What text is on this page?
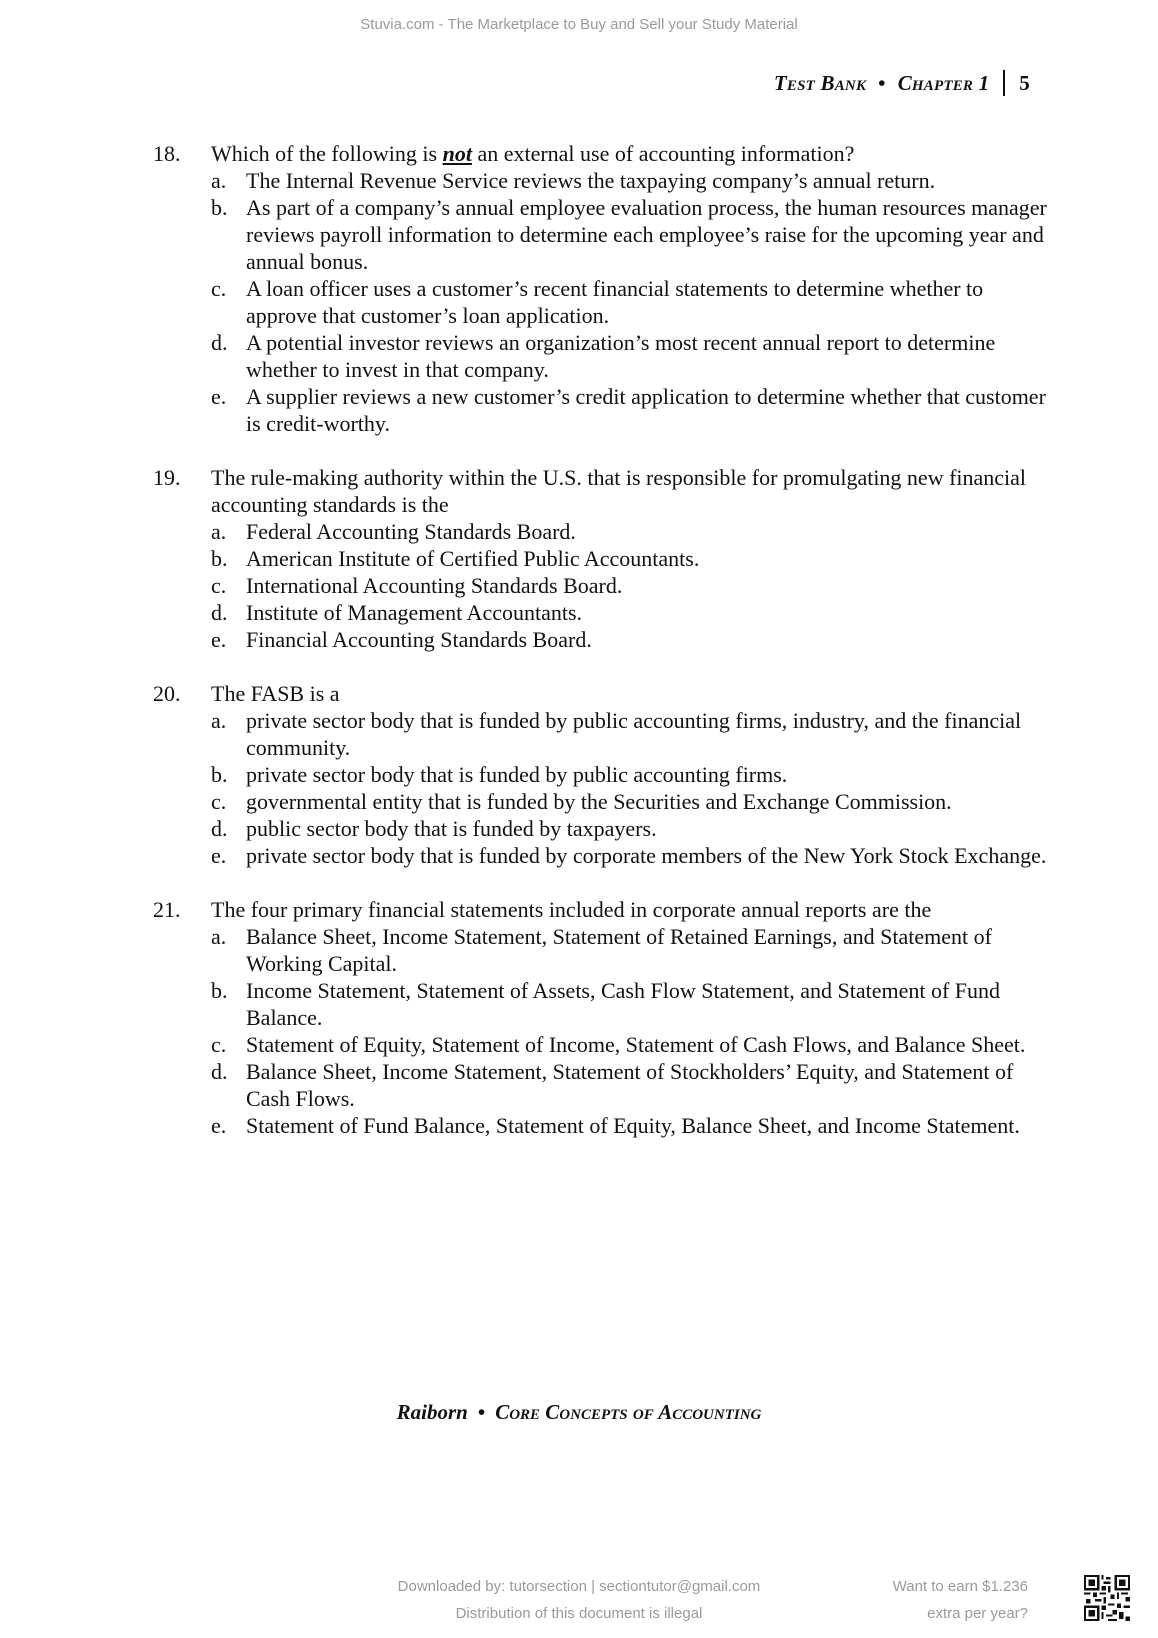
Stuvia.com - The Marketplace to Buy and Sell your Study Material
Test Bank • Chapter 1 5
18. Which of the following is not an external use of accounting information?
a. The Internal Revenue Service reviews the taxpaying company’s annual return.
b. As part of a company’s annual employee evaluation process, the human resources manager reviews payroll information to determine each employee’s raise for the upcoming year and annual bonus.
c. A loan officer uses a customer’s recent financial statements to determine whether to approve that customer’s loan application.
d. A potential investor reviews an organization’s most recent annual report to determine whether to invest in that company.
e. A supplier reviews a new customer’s credit application to determine whether that customer is credit-worthy.
19. The rule-making authority within the U.S. that is responsible for promulgating new financial accounting standards is the
a. Federal Accounting Standards Board.
b. American Institute of Certified Public Accountants.
c. International Accounting Standards Board.
d. Institute of Management Accountants.
e. Financial Accounting Standards Board.
20. The FASB is a
a. private sector body that is funded by public accounting firms, industry, and the financial community.
b. private sector body that is funded by public accounting firms.
c. governmental entity that is funded by the Securities and Exchange Commission.
d. public sector body that is funded by taxpayers.
e. private sector body that is funded by corporate members of the New York Stock Exchange.
21. The four primary financial statements included in corporate annual reports are the
a. Balance Sheet, Income Statement, Statement of Retained Earnings, and Statement of Working Capital.
b. Income Statement, Statement of Assets, Cash Flow Statement, and Statement of Fund Balance.
c. Statement of Equity, Statement of Income, Statement of Cash Flows, and Balance Sheet.
d. Balance Sheet, Income Statement, Statement of Stockholders’ Equity, and Statement of Cash Flows.
e. Statement of Fund Balance, Statement of Equity, Balance Sheet, and Income Statement.
Raiborn • Core Concepts of Accounting
Downloaded by: tutorsection | sectiontutor@gmail.com
Distribution of this document is illegal
Want to earn $1.236
extra per year?
